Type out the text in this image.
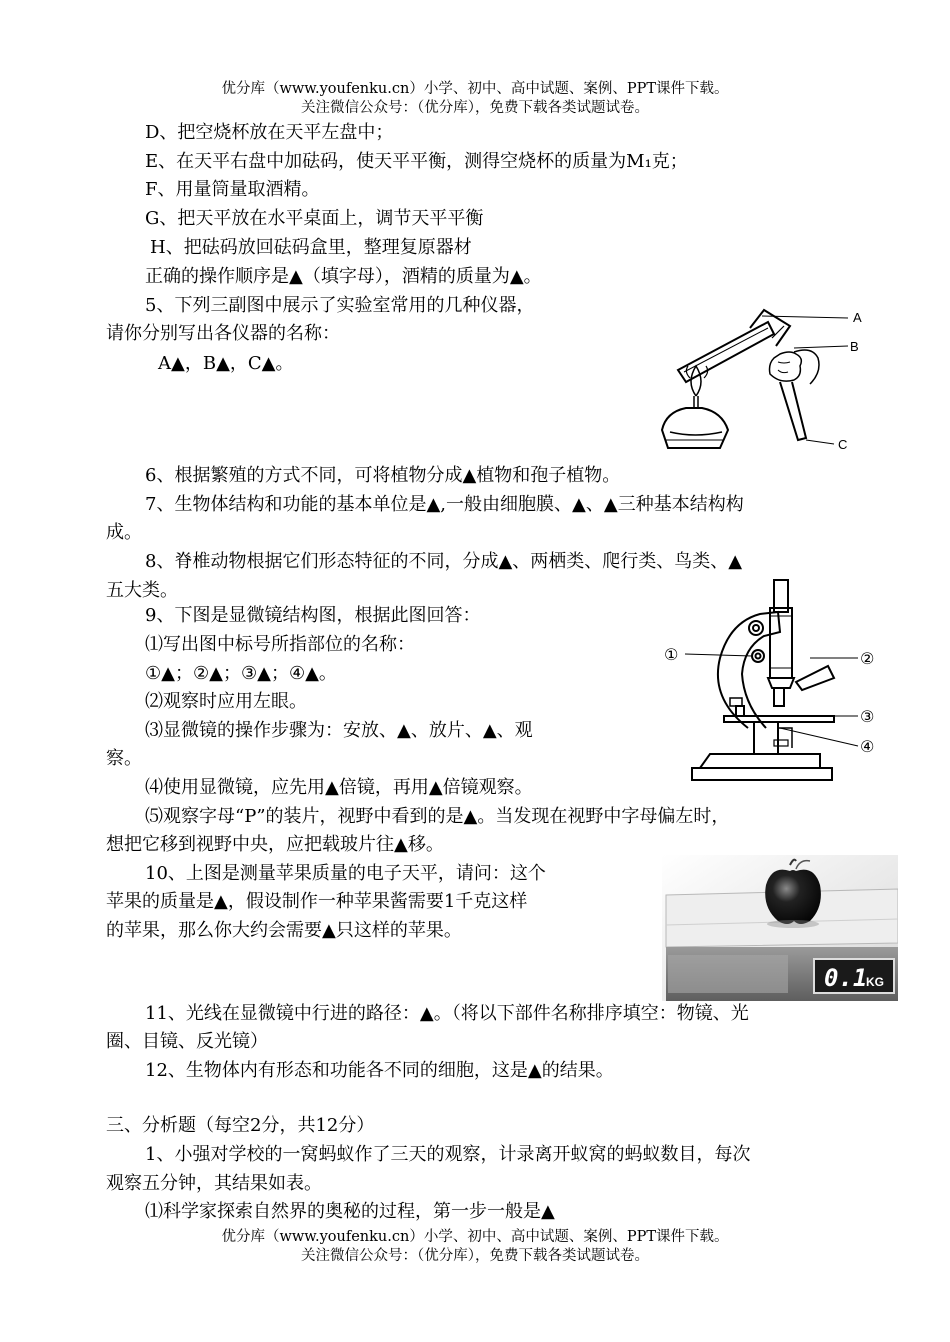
优分库（www.youfenku.cn）小学、初中、高中试题、案例、PPT课件下载。
关注微信公众号：（优分库），免费下载各类试题试卷。
D、把空烧杯放在天平左盘中；
E、在天平右盘中加砝码，使天平平衡，测得空烧杯的质量为M₁克；
F、用量筒量取酒精。
G、把天平放在水平桌面上，调节天平平衡
H、把砝码放回砝码盒里，整理复原器材
正确的操作顺序是▲（填字母），酒精的质量为▲。
5、下列三副图中展示了实验室常用的几种仪器，
请你分别写出各仪器的名称：
A▲，B▲，C▲。
6、根据繁殖的方式不同，可将植物分成▲植物和孢子植物。
7、生物体结构和功能的基本单位是▲,一般由细胞膜、▲、▲三种基本结构构
成。
8、脊椎动物根据它们形态特征的不同，分成▲、两栖类、爬行类、鸟类、▲
五大类。
9、下图是显微镜结构图，根据此图回答：
⑴写出图中标号所指部位的名称：
①▲；②▲；③▲；④▲。
⑵观察时应用左眼。
⑶显微镜的操作步骤为：安放、▲、放片、▲、观
察。
⑷使用显微镜，应先用▲倍镜，再用▲倍镜观察。
⑸观察字母“P”的装片，视野中看到的是▲。当发现在视野中字母偏左时，
想把它移到视野中央，应把载玻片往▲移。
10、上图是测量苹果质量的电子天平，请问：这个
苹果的质量是▲，假设制作一种苹果酱需要1千克这样
的苹果，那么你大约会需要▲只这样的苹果。
11、光线在显微镜中行进的路径：▲。（将以下部件名称排序填空：物镜、光
圈、目镜、反光镜）
12、生物体内有形态和功能各不同的细胞，这是▲的结果。
三、分析题（每空2分，共12分）
1、小强对学校的一窝蚂蚁作了三天的观察，计录离开蚁窝的蚂蚁数目，每次
观察五分钟，其结果如表。
⑴科学家探索自然界的奥秘的过程，第一步一般是▲
优分库（www.youfenku.cn）小学、初中、高中试题、案例、PPT课件下载。
关注微信公众号：（优分库），免费下载各类试题试卷。
A
B
C
①	②
③
④
0.1
KG
